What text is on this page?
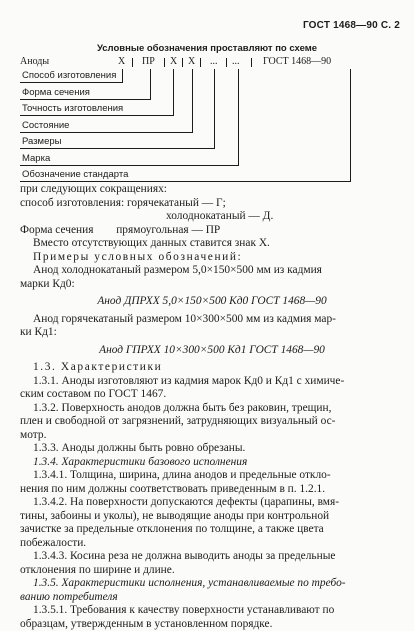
ГОСТ 1468—90 С. 2
Условные обозначения проставляют по схеме
Аноды	Х ПР Х Х ... ... ГОСТ 1468—90
Способ изготовления
Форма сечения
Точность изготовления
Состояние
Размеры
Марка
Обозначение стандарта
при следующих сокращениях:
способ изготовления: горячекатаный — Г;
холоднокатаный — Д.
Форма сечения        прямоугольная — ПР
Вместо отсутствующих данных ставится знак Х.
Примеры условных обозначений:
Анод холоднокатаный размером 5,0×150×500 мм из кадмия
марки Кд0:
Анод ДПРХХ 5,0×150×500 Кд0 ГОСТ 1468—90
Анод горячекатаный размером 10×300×500 мм из кадмия мар-
ки Кд1:
Анод ГПРХХ 10×300×500 Кд1 ГОСТ 1468—90
1.3. Характеристики
1.3.1. Аноды изготовляют из кадмия марок Кд0 и Кд1 с химиче-
ским составом по ГОСТ 1467.
1.3.2. Поверхность анодов должна быть без раковин, трещин,
плен и свободной от загрязнений, затрудняющих визуальный ос-
мотр.
1.3.3. Аноды должны быть ровно обрезаны.
1.3.4. Характеристики базового исполнения
1.3.4.1. Толщина, ширина, длина анодов и предельные откло-
нения по ним должны соответствовать приведенным в п. 1.2.1.
1.3.4.2. На поверхности допускаются дефекты (царапины, вмя-
тины, забоины и уколы), не выводящие аноды при контрольной
зачистке за предельные отклонения по толщине, а также цвета
побежалости.
1.3.4.3. Косина реза не должна выводить аноды за предельные
отклонения по ширине и длине.
1.3.5. Характеристики исполнения, устанавливаемые по требо-
ванию потребителя
1.3.5.1. Требования к качеству поверхности устанавливают по
образцам, утвержденным в установленном порядке.
